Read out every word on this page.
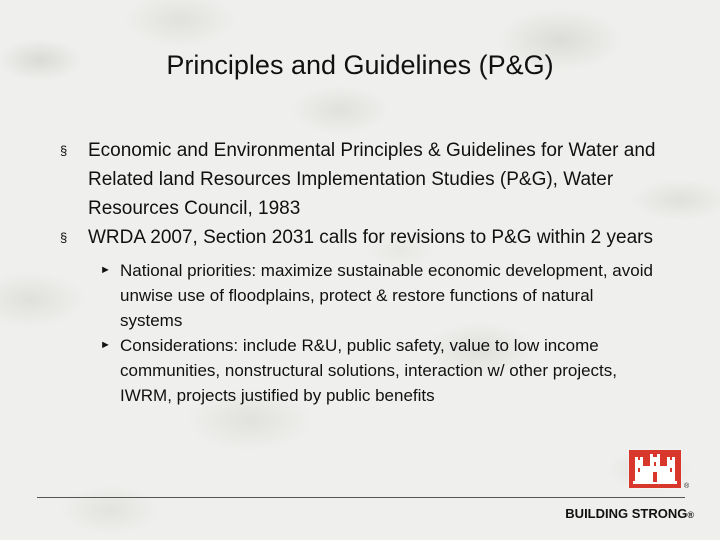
Principles and Guidelines (P&G)
§ Economic and Environmental Principles & Guidelines for Water and Related land Resources Implementation Studies (P&G), Water Resources Council, 1983
§ WRDA 2007, Section 2031 calls for revisions to P&G within 2 years
► National priorities: maximize sustainable economic development, avoid unwise use of floodplains, protect & restore functions of natural systems
► Considerations: include R&U, public safety, value to low income communities, nonstructural solutions, interaction w/ other projects, IWRM, projects justified by public benefits
®
BUILDING STRONG®
